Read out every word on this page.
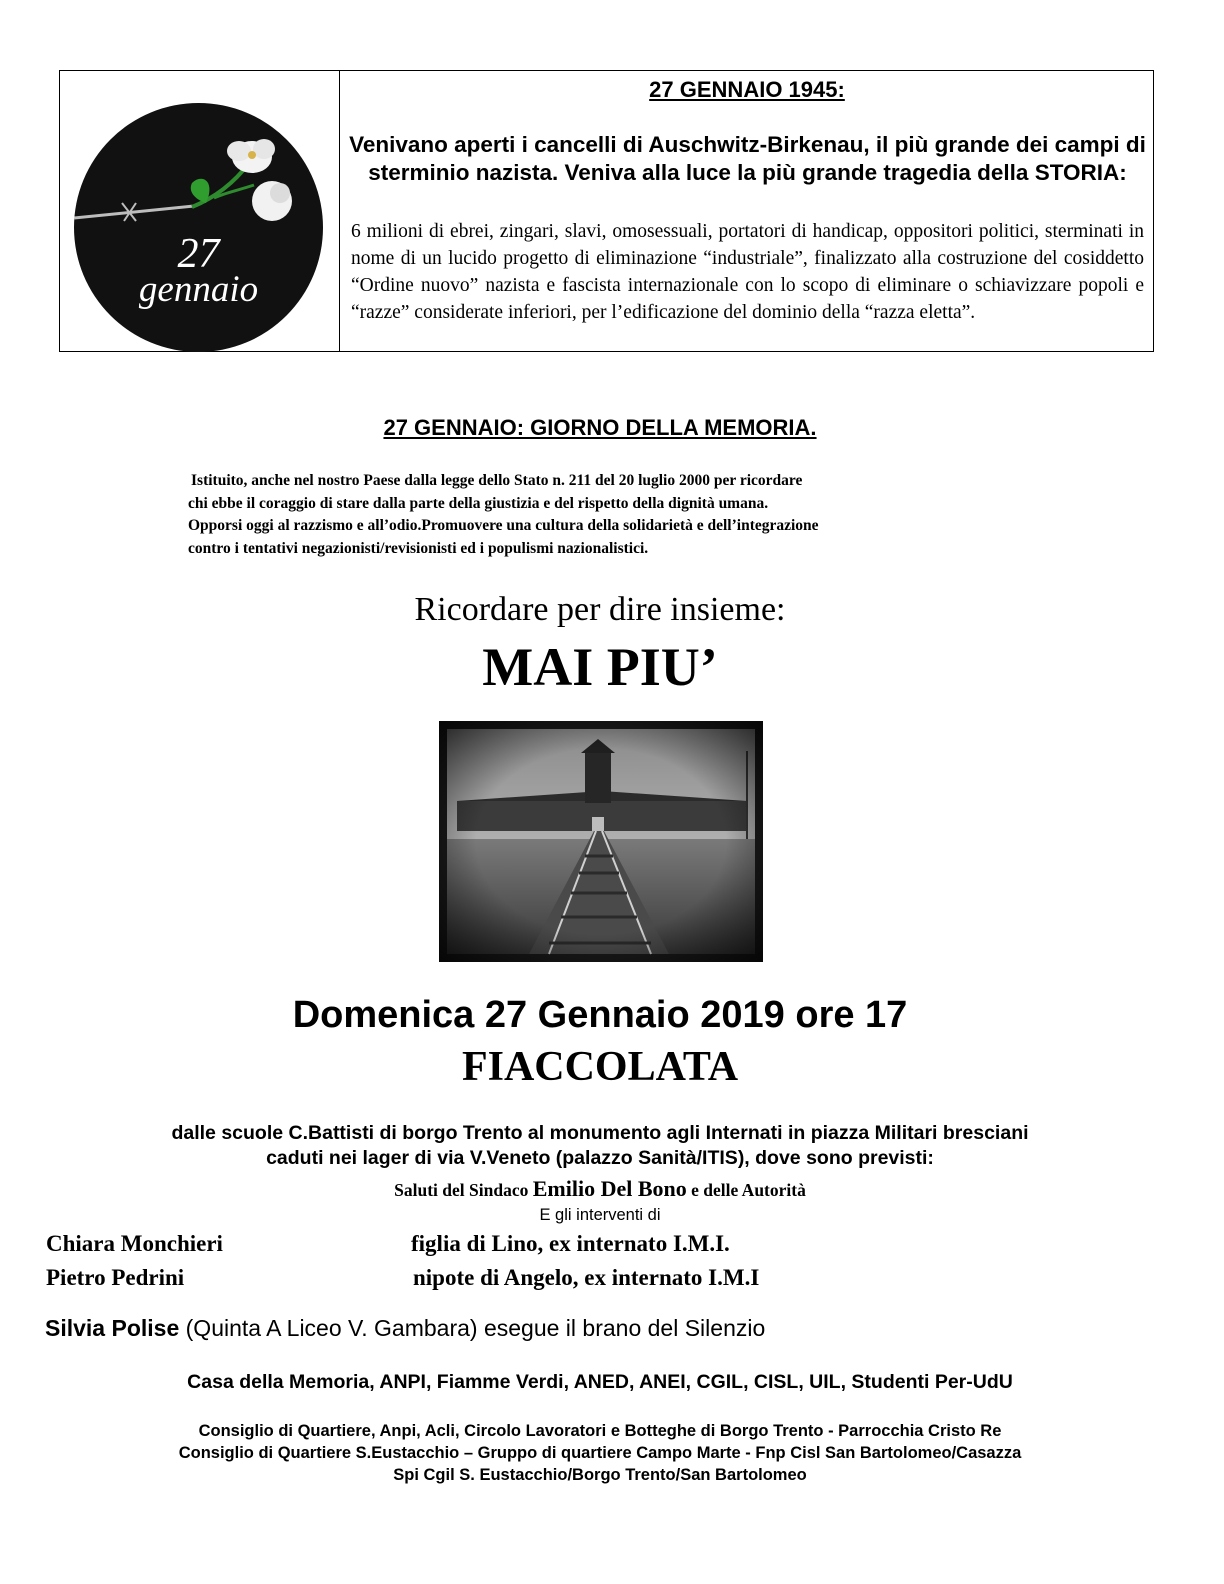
27
gennaio
27 GENNAIO 1945:
Venivano aperti i cancelli di Auschwitz-Birkenau, il più grande dei campi di sterminio nazista. Veniva alla luce la più grande tragedia della STORIA:
6 milioni di ebrei, zingari, slavi, omosessuali, portatori di handicap, oppositori politici, sterminati in nome di un lucido progetto di eliminazione “industriale”, finalizzato alla costruzione del cosiddetto “Ordine nuovo” nazista e fascista internazionale con lo scopo di eliminare o schiavizzare popoli e “razze” considerate inferiori, per l’edificazione del dominio della “razza eletta”.
27 GENNAIO: GIORNO DELLA MEMORIA.
Istituito, anche nel nostro Paese dalla legge dello Stato n. 211 del 20 luglio 2000 per ricordare
chi ebbe il coraggio di stare dalla parte della giustizia e del rispetto della dignità umana.
Opporsi oggi al razzismo e all’odio.Promuovere una cultura della solidarietà e dell’integrazione
contro i tentativi negazionisti/revisionisti ed i populismi nazionalistici.
Ricordare per dire insieme:
MAI PIU’
Domenica 27 Gennaio 2019 ore 17
FIACCOLATA
dalle scuole C.Battisti di borgo Trento al monumento agli Internati in piazza Militari bresciani
caduti nei lager di via V.Veneto (palazzo Sanità/ITIS), dove sono previsti:
Saluti del Sindaco Emilio Del Bono e delle Autorità
E gli interventi di
Chiara Monchieri	figlia di Lino, ex internato I.M.I.
Pietro Pedrini	nipote di Angelo, ex internato I.M.I
Silvia Polise (Quinta A Liceo V. Gambara) esegue il brano del Silenzio
Casa della Memoria, ANPI, Fiamme Verdi, ANED, ANEI, CGIL, CISL, UIL, Studenti Per-UdU
Consiglio di Quartiere, Anpi, Acli, Circolo Lavoratori e Botteghe di Borgo Trento - Parrocchia Cristo Re
Consiglio di Quartiere S.Eustacchio – Gruppo di quartiere Campo Marte - Fnp Cisl San Bartolomeo/Casazza
Spi Cgil S. Eustacchio/Borgo Trento/San Bartolomeo
